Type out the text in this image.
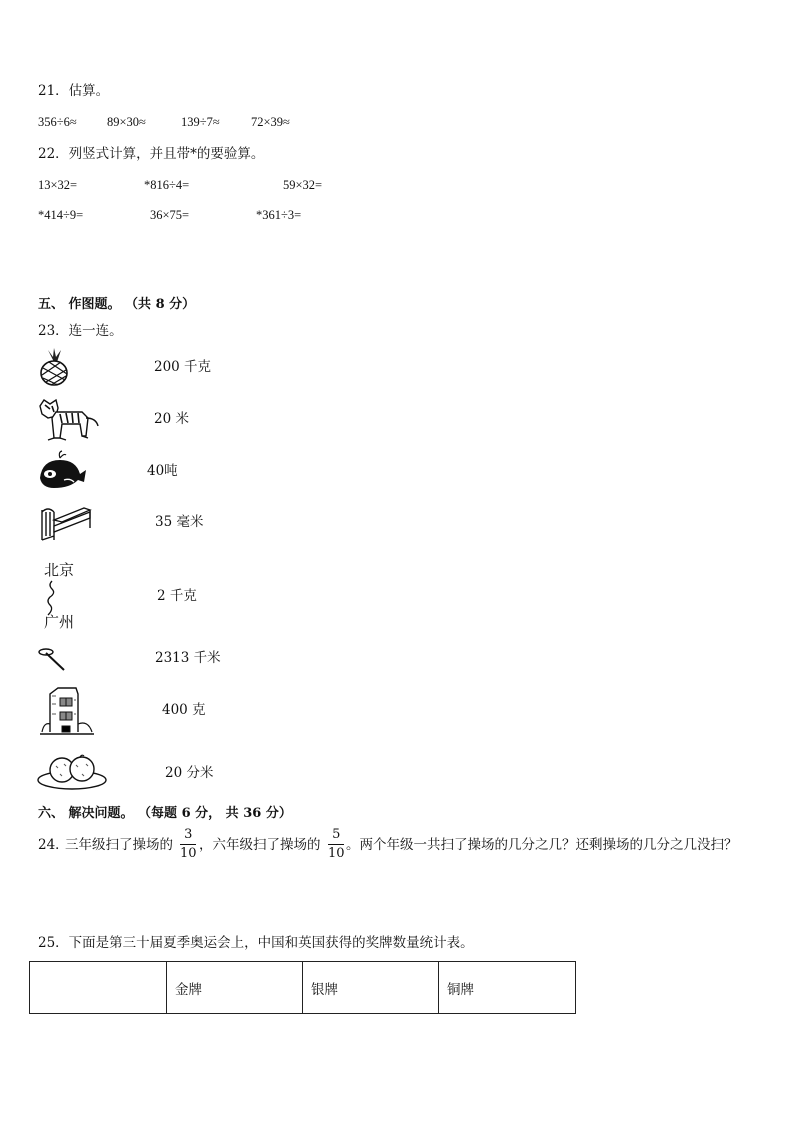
21．估算。
356÷6≈ 89×30≈	139÷7≈	72×39≈
22．列竖式计算，并且带*的要验算。
13×32=	*816÷4=	59×32=
*414÷9=	36×75=	*361÷3=
五、 作图题。 （共 8 分）
23．连一连。
北京
广州
200 千克
20 米
40吨
35 毫米
2 千克
2313 千米
400 克
20 分米
六、 解决问题。 （每题 6 分， 共 36 分）
24．
三年级扫了操场的
3
10
，六年级扫了操场的
5
10
。两个年级一共扫了操场的几分之几？还剩操场的几分之几没扫？
25．下面是第三十届夏季奥运会上，中国和英国获得的奖牌数量统计表。
	金牌	银牌	铜牌
